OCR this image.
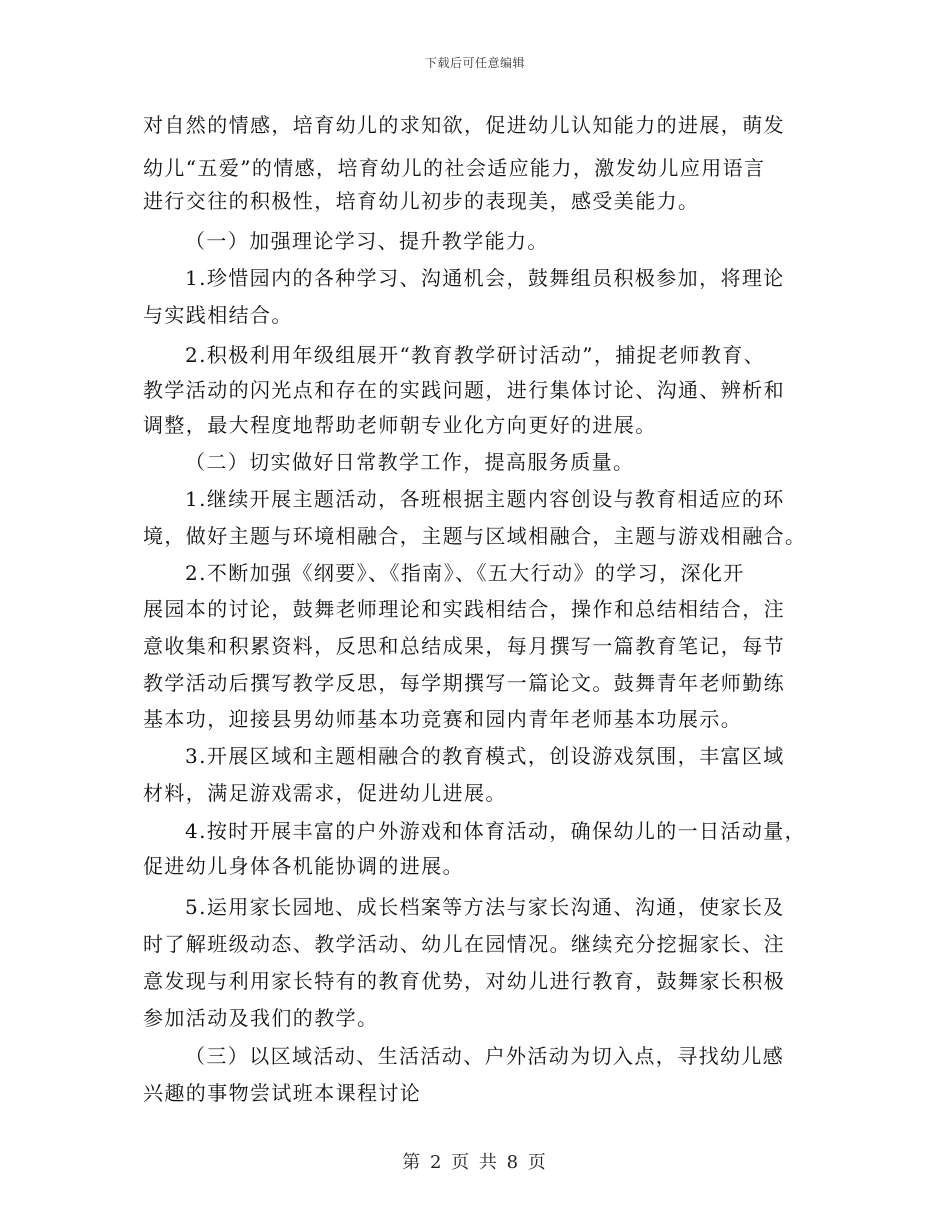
下载后可任意编辑
对自然的情感，培育幼儿的求知欲，促进幼儿认知能力的进展，萌发
幼儿“五爱”的情感，培育幼儿的社会适应能力，激发幼儿应用语言
进行交往的积极性，培育幼儿初步的表现美，感受美能力。
（一）加强理论学习、提升教学能力。
1.珍惜园内的各种学习、沟通机会，鼓舞组员积极参加，将理论
与实践相结合。
2.积极利用年级组展开“教育教学研讨活动”，捕捉老师教育、
教学活动的闪光点和存在的实践问题，进行集体讨论、沟通、辨析和
调整，最大程度地帮助老师朝专业化方向更好的进展。
（二）切实做好日常教学工作，提高服务质量。
1.继续开展主题活动，各班根据主题内容创设与教育相适应的环
境，做好主题与环境相融合，主题与区域相融合，主题与游戏相融合。
2.不断加强《纲要》、《指南》、《五大行动》的学习，深化开
展园本的讨论，鼓舞老师理论和实践相结合，操作和总结相结合，注
意收集和积累资料，反思和总结成果，每月撰写一篇教育笔记，每节
教学活动后撰写教学反思，每学期撰写一篇论文。鼓舞青年老师勤练
基本功，迎接县男幼师基本功竞赛和园内青年老师基本功展示。
3.开展区域和主题相融合的教育模式，创设游戏氛围，丰富区域
材料，满足游戏需求，促进幼儿进展。
4.按时开展丰富的户外游戏和体育活动，确保幼儿的一日活动量，
促进幼儿身体各机能协调的进展。
5.运用家长园地、成长档案等方法与家长沟通、沟通，使家长及
时了解班级动态、教学活动、幼儿在园情况。继续充分挖掘家长、注
意发现与利用家长特有的教育优势，对幼儿进行教育，鼓舞家长积极
参加活动及我们的教学。
（三）以区域活动、生活活动、户外活动为切入点，寻找幼儿感
兴趣的事物尝试班本课程讨论
第 2 页 共 8 页
